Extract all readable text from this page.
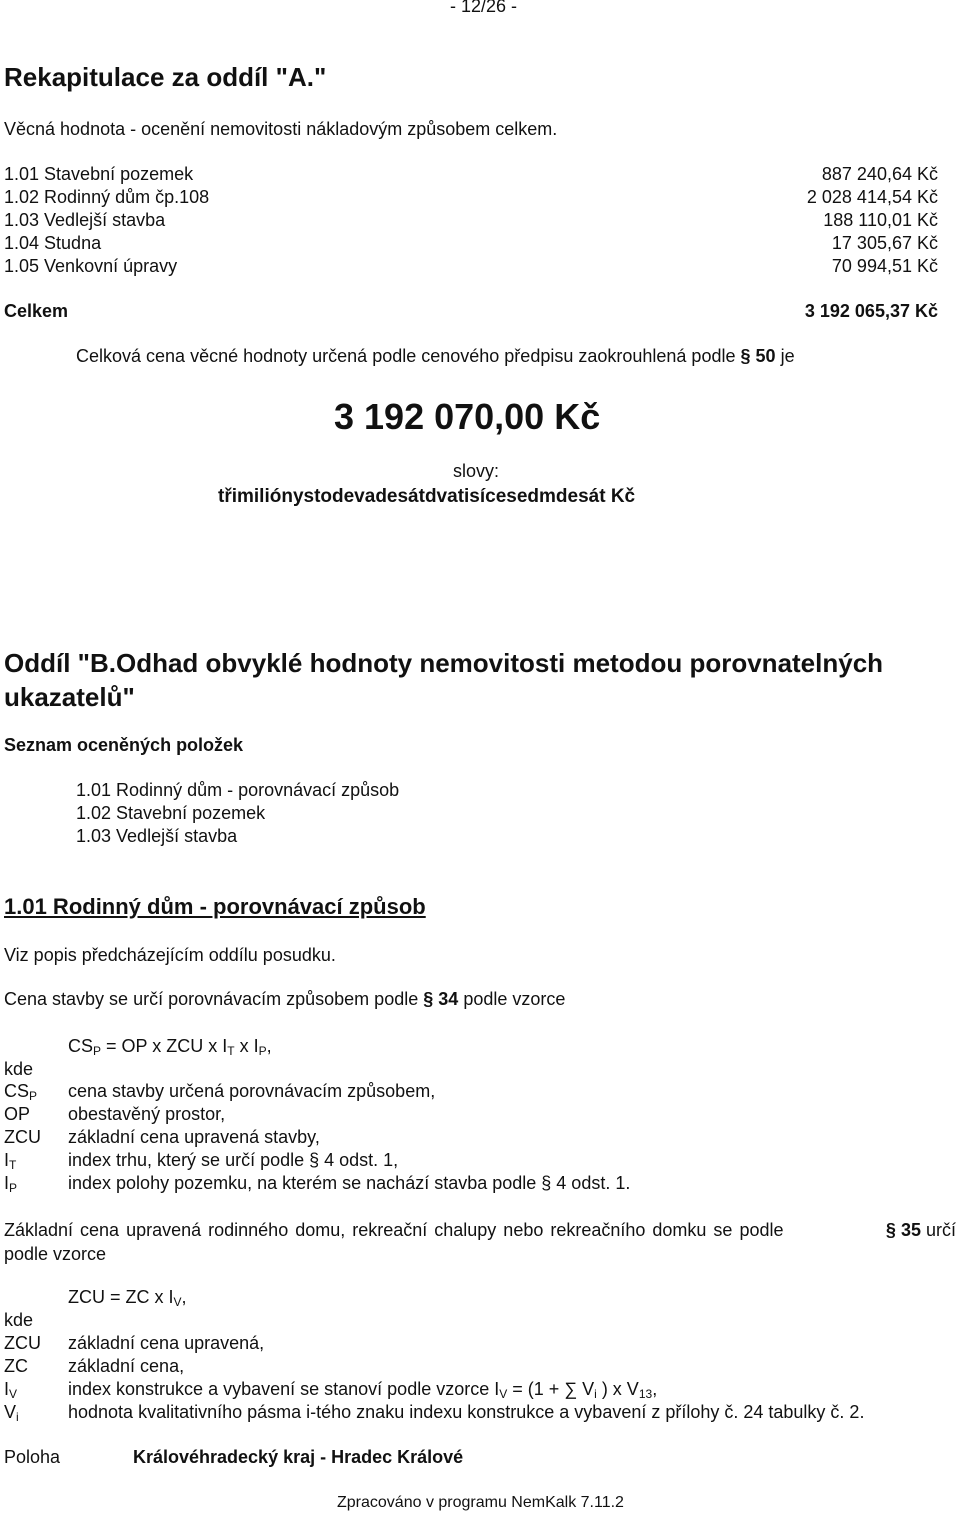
- 12/26 -
Rekapitulace za oddíl "A."
Věcná hodnota - ocenění nemovitosti nákladovým způsobem celkem.
1.01 Stavební pozemek	887 240,64 Kč
1.02 Rodinný dům čp.108	2 028 414,54 Kč
1.03 Vedlejší stavba	188 110,01 Kč
1.04 Studna	17 305,67 Kč
1.05 Venkovní úpravy	70 994,51 Kč
Celkem	3 192 065,37 Kč
Celková cena věcné hodnoty určená podle cenového předpisu zaokrouhlená podle § 50 je
3 192 070,00 Kč
slovy:
třimiliónystodevadesátdvatisícesedmdesát Kč
Oddíl "B.Odhad obvyklé hodnoty nemovitosti metodou porovnatelných
ukazatelů"
Seznam oceněných položek
1.01 Rodinný dům - porovnávací způsob
1.02 Stavební pozemek
1.03 Vedlejší stavba
1.01 Rodinný dům - porovnávací způsob
Viz popis předcházejícím oddílu posudku.
Cena stavby se určí porovnávacím způsobem podle § 34 podle vzorce
$CS_P$ = OP x ZCU x $I_T$ x $I_P$,
kde
$CS_P$ cena stavby určená porovnávacím způsobem,
OP obestavěný prostor,
ZCU základní cena upravená stavby,
$I_T$	index trhu, který se určí podle § 4 odst. 1,
$I_P$	index polohy pozemku, na kterém se nachází stavba podle § 4 odst. 1.
Základní cena upravená rodinného domu, rekreační chalupy nebo rekreačního domku se podle	§ 35 určí
podle vzorce
ZCU = ZC x $I_V$,
kde
ZCU základní cena upravená,
ZC základní cena,
$I_V$	index konstrukce a vybavení se stanoví podle vzorce $I_V = (1$ + ∑ $V_i$ ) x $V_{13}$,
$V_i$	hodnota kvalitativního pásma i-tého znaku indexu konstrukce a vybavení z přílohy č. 24 tabulky č. 2.
Poloha	Královéhradecký kraj - Hradec Králové
Zpracováno v programu NemKalk 7.11.2
